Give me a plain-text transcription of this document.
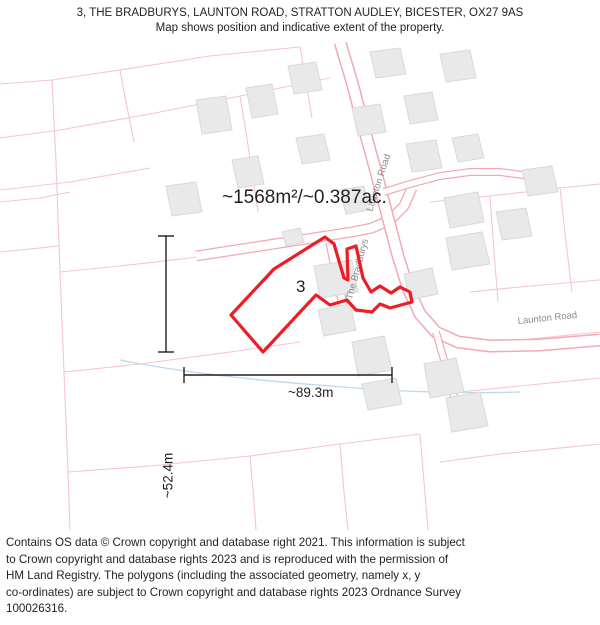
3, THE BRADBURYS, LAUNTON ROAD, STRATTON AUDLEY, BICESTER, OX27 9AS
Map shows position and indicative extent of the property.
The Bradburys
Launton Road
Launton Road
~1568m²/~0.387ac.
3
~52.4m
~89.3m

Contains OS data © Crown copyright and database right 2021. This information is subject

to Crown copyright and database rights 2023 and is reproduced with the permission of

HM Land Registry. The polygons (including the associated geometry, namely x, y

co-ordinates) are subject to Crown copyright and database rights 2023 Ordnance Survey

100026316.
